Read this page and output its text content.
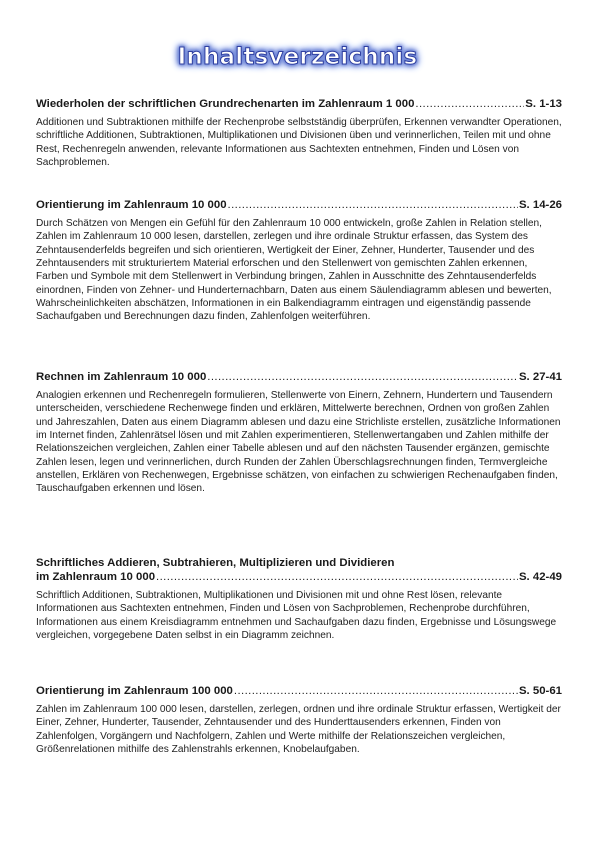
Inhaltsverzeichnis
Wiederholen der schriftlichen Grundrechenarten im Zahlenraum 1 000 .....	S. 1-13
Additionen und Subtraktionen mithilfe der Rechenprobe selbstständig überprüfen, Erkennen verwandter Operationen, schriftliche Additionen, Subtraktionen, Multiplikationen und Divisionen üben und verinnerlichen, Teilen mit und ohne Rest, Rechenregeln anwenden, relevante Informationen aus Sachtexten entnehmen, Finden und Lösen von Sachproblemen.
Orientierung im Zahlenraum 10 000 .....	S. 14-26
Durch Schätzen von Mengen ein Gefühl für den Zahlenraum 10 000 entwickeln, große Zahlen in Relation stellen, Zahlen im Zahlenraum 10 000 lesen, darstellen, zerlegen und ihre ordinale Struktur erfassen, das System des Zehntausenderfelds begreifen und sich orientieren, Wertigkeit der Einer, Zehner, Hunderter, Tausender und des Zehntausenders mit strukturiertem Material erforschen und den Stellenwert von gemischten Zahlen erkennen, Farben und Symbole mit dem Stellenwert in Verbindung bringen, Zahlen in Ausschnitte des Zehntausenderfelds einordnen, Finden von Zehner- und Hunderternachbarn, Daten aus einem Säulendiagramm ablesen und bewerten, Wahrscheinlichkeiten abschätzen, Informationen in ein Balkendiagramm eintragen und eigenständig passende Sachaufgaben und Berechnungen dazu finden, Zahlenfolgen weiterführen.
Rechnen im Zahlenraum 10 000 .....	S. 27-41
Analogien erkennen und Rechenregeln formulieren, Stellenwerte von Einern, Zehnern, Hundertern und Tausendern unterscheiden, verschiedene Rechenwege finden und erklären, Mittelwerte berechnen, Ordnen von großen Zahlen und Jahreszahlen, Daten aus einem Diagramm ablesen und dazu eine Strichliste erstellen, zusätzliche Informationen im Internet finden, Zahlenrätsel lösen und mit Zahlen experimentieren, Stellenwertangaben und Zahlen mithilfe der Relationszeichen vergleichen, Zahlen einer Tabelle ablesen und auf den nächsten Tausender ergänzen, gemischte Zahlen lesen, legen und verinnerlichen, durch Runden der Zahlen Überschlagsrechnungen finden, Termvergleiche anstellen, Erklären von Rechenwegen, Ergebnisse schätzen, von einfachen zu schwierigen Rechenaufgaben finden, Tauschaufgaben erkennen und lösen.
Schriftliches Addieren, Subtrahieren, Multiplizieren und Dividieren
im Zahlenraum 10 000 .....	S. 42-49
Schriftlich Additionen, Subtraktionen, Multiplikationen und Divisionen mit und ohne Rest lösen, relevante Informationen aus Sachtexten entnehmen, Finden und Lösen von Sachproblemen, Rechenprobe durchführen, Informationen aus einem Kreisdiagramm entnehmen und Sachaufgaben dazu finden, Ergebnisse und Lösungswege vergleichen, vorgegebene Daten selbst in ein Diagramm zeichnen.
Orientierung im Zahlenraum 100 000 .....	S. 50-61
Zahlen im Zahlenraum 100 000 lesen, darstellen, zerlegen, ordnen und ihre ordinale Struktur erfassen, Wertigkeit der Einer, Zehner, Hunderter, Tausender, Zehntausender und des Hunderttausenders erkennen, Finden von Zahlenfolgen, Vorgängern und Nachfolgern, Zahlen und Werte mithilfe der Relationszeichen vergleichen, Größenrelationen mithilfe des Zahlenstrahls erkennen, Knobelaufgaben.
